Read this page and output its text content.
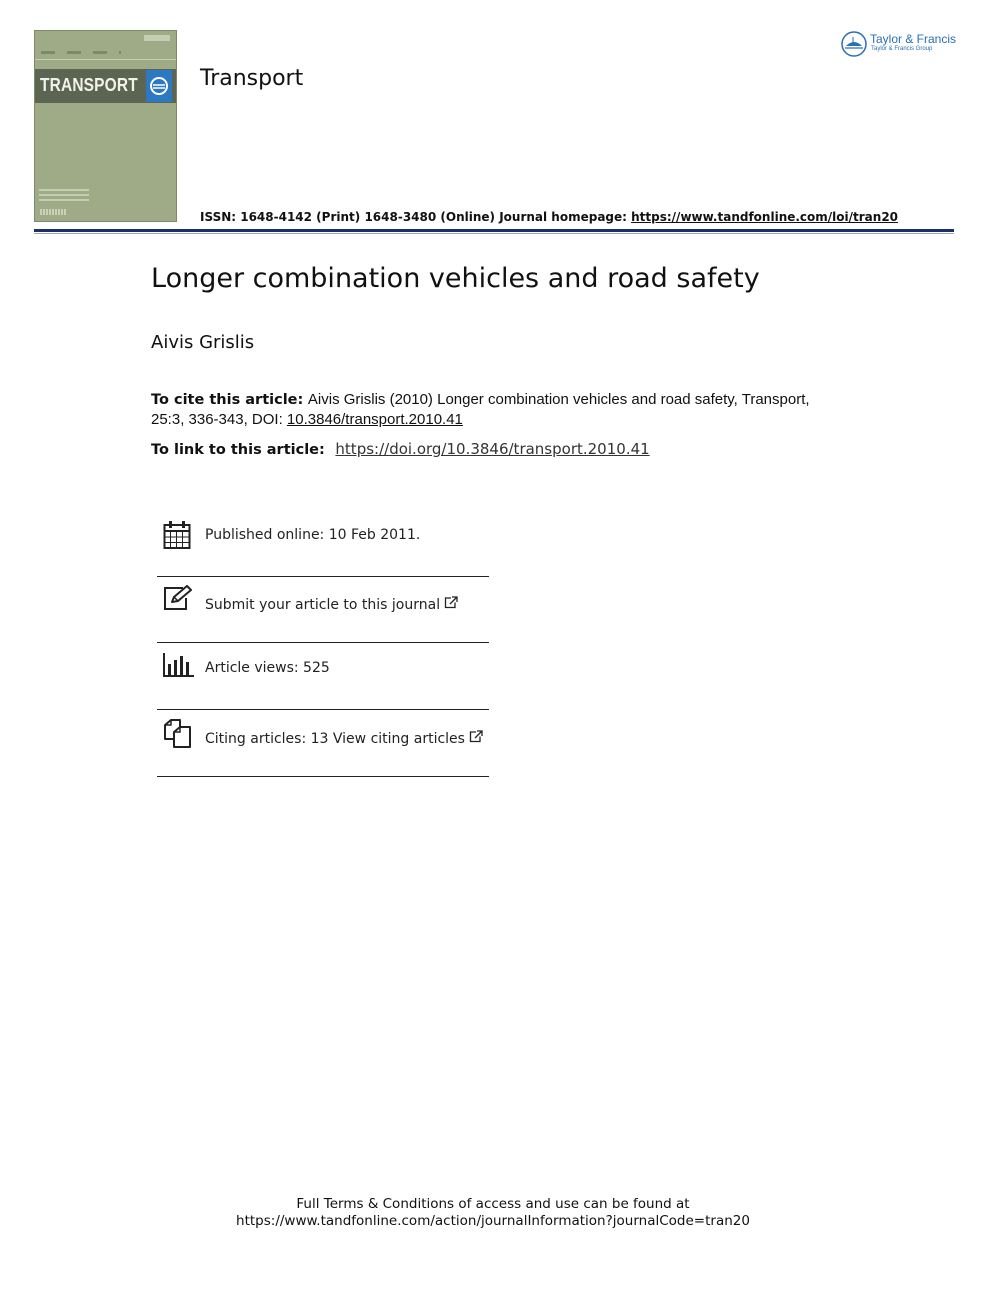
TRANSPORT	Transport
ISSN: 1648-4142 (Print) 1648-3480 (Online) Journal homepage: https://www.tandfonline.com/loi/tran20
Taylor & Francis
Taylor & Francis Group
Longer combination vehicles and road safety
Aivis Grislis
To cite this article: Aivis Grislis (2010) Longer combination vehicles and road safety, Transport, 25:3, 336-343, DOI: 10.3846/transport.2010.41
To link to this article: https://doi.org/10.3846/transport.2010.41
Published online: 10 Feb 2011.
Submit your article to this journal
Article views: 525
Citing articles: 13 View citing articles
Full Terms & Conditions of access and use can be found at
https://www.tandfonline.com/action/journalInformation?journalCode=tran20
